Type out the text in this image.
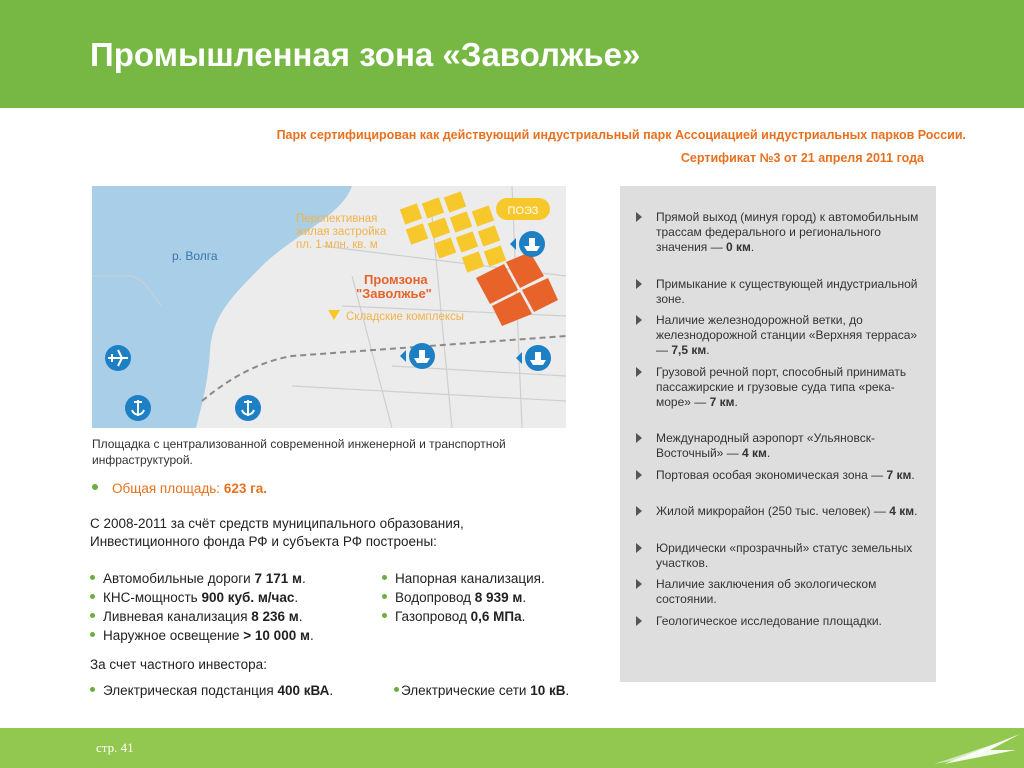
Промышленная зона «Заволжье»
Парк сертифицирован как действующий индустриальный парк Ассоциацией индустриальных парков России.
Сертификат №3 от 21 апреля 2011 года
ПОЭЗ
р. Волга
Перспективная
жилая застройка
пл. 1 млн. кв. м
Промзона
"Заволжье"
Складские комплексы
Площадка с централизованной современной инженерной и транспортной инфраструктурой.
Общая площадь: 623 га.
С 2008-2011 за счёт средств муниципального образования, Инвестиционного фонда РФ и субъекта РФ построены:
Автомобильные дороги 7 171 м.
КНС-мощность 900 куб. м/час.
Ливневая канализация 8 236 м.
Наружное освещение > 10 000 м.
Напорная канализация.
Водопровод 8 939 м.
Газопровод 0,6 МПа.
За счет частного инвестора:
Электрическая подстанция 400 кВА.	Электрические сети 10 кВ.
Прямой выход (минуя город) к автомобильным трассам федерального и регионального значения — 0 км.
Примыкание к существующей индустриальной зоне.
Наличие железнодорожной ветки, до железнодорожной станции «Верхняя терраса» — 7,5 км.
Грузовой речной порт, способный принимать пассажирские и грузовые суда типа «река-море» — 7 км.
Международный аэропорт «Ульяновск-Восточный» — 4 км.
Портовая особая экономическая зона — 7 км.
Жилой микрорайон (250 тыс. человек) — 4 км.
Юридически «прозрачный» статус земельных участков.
Наличие заключения об экологическом состоянии.
Геологическое исследование площадки.
стр. 41
